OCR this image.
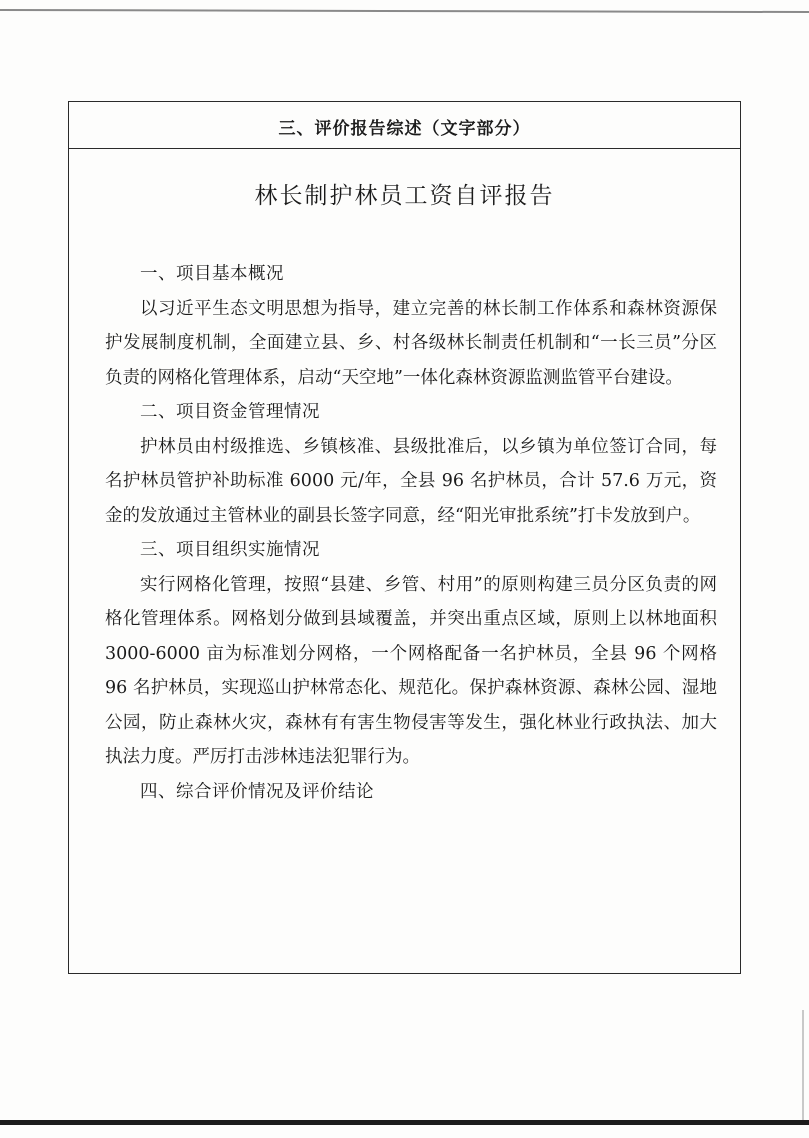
三、评价报告综述（文字部分）
林长制护林员工资自评报告

一、项目基本概况

以习近平生态文明思想为指导，建立完善的林长制工作体系和森林资源保护发展制度机制，全面建立县、乡、村各级林长制责任机制和“一长三员”分区负责的网格化管理体系，启动“天空地”一体化森林资源监测监管平台建设。

二、项目资金管理情况

护林员由村级推选、乡镇核准、县级批准后，以乡镇为单位签订合同，每名护林员管护补助标准 6000 元/年，全县 96 名护林员，合计 57.6 万元，资金的发放通过主管林业的副县长签字同意，经“阳光审批系统”打卡发放到户。

三、项目组织实施情况

实行网格化管理，按照“县建、乡管、村用”的原则构建三员分区负责的网格化管理体系。网格划分做到县域覆盖，并突出重点区域，原则上以林地面积 3000-6000 亩为标准划分网格，一个网格配备一名护林员，全县 96 个网格 96 名护林员，实现巡山护林常态化、规范化。保护森林资源、森林公园、湿地公园，防止森林火灾，森林有有害生物侵害等发生，强化林业行政执法、加大执法力度。严厉打击涉林违法犯罪行为。

四、综合评价情况及评价结论
